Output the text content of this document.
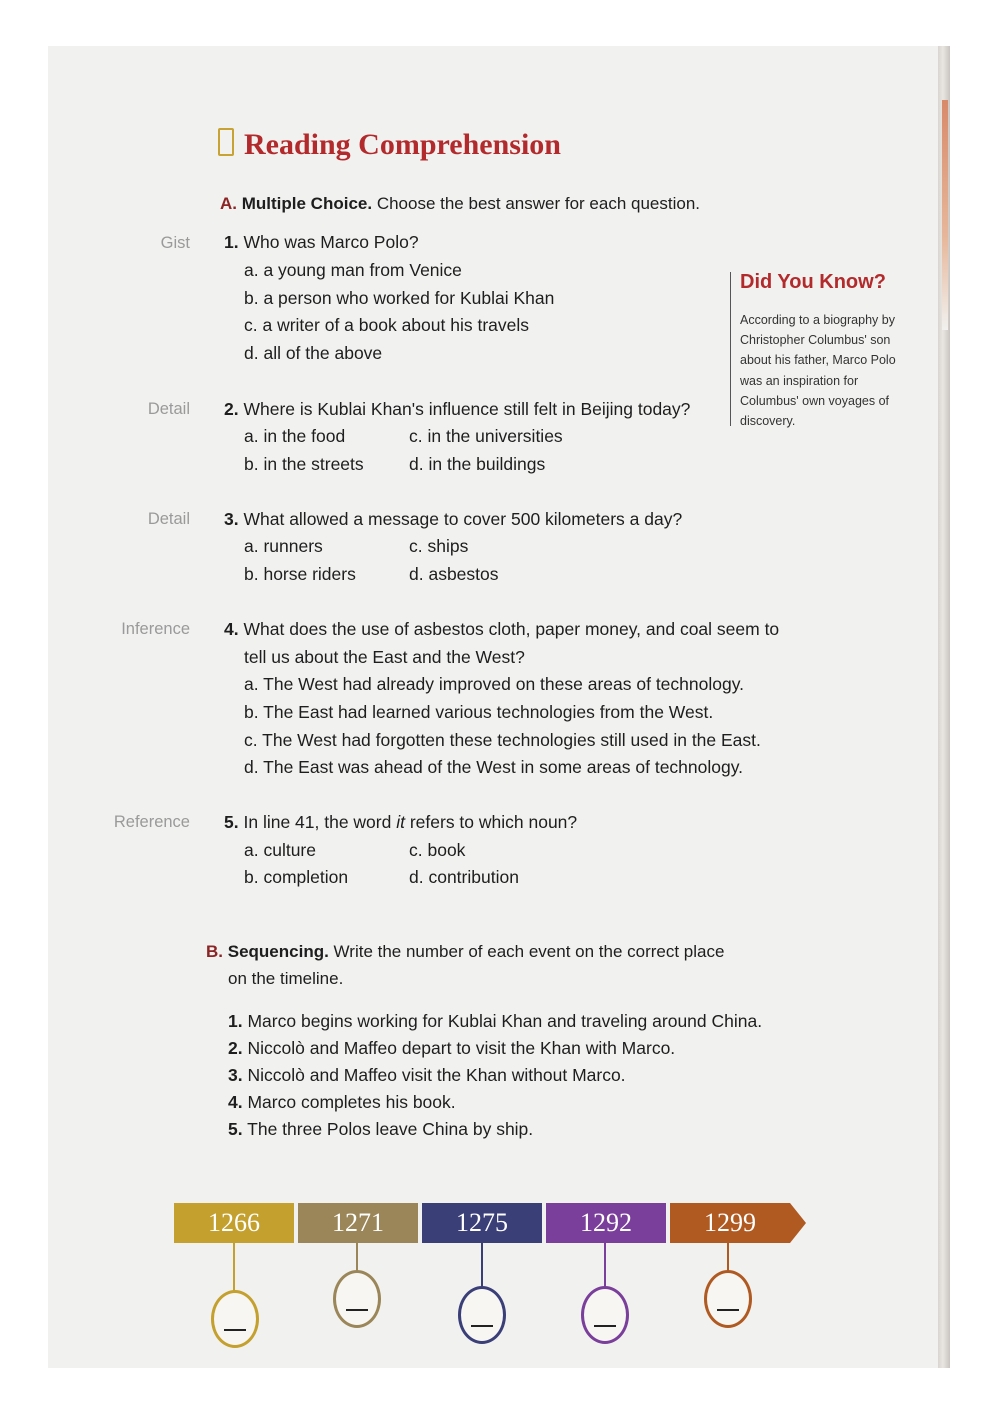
Reading Comprehension
A. Multiple Choice. Choose the best answer for each question.
Gist 1. Who was Marco Polo?
a. a young man from Venice
b. a person who worked for Kublai Khan
c. a writer of a book about his travels
d. all of the above
Did You Know?
According to a biography by Christopher Columbus' son about his father, Marco Polo was an inspiration for Columbus' own voyages of discovery.
Detail 2. Where is Kublai Khan's influence still felt in Beijing today?
a. in the food	c. in the universities
b. in the streets	d. in the buildings
Detail 3. What allowed a message to cover 500 kilometers a day?
a. runners	c. ships
b. horse riders	d. asbestos
Inference 4. What does the use of asbestos cloth, paper money, and coal seem to
tell us about the East and the West?
a. The West had already improved on these areas of technology.
b. The East had learned various technologies from the West.
c. The West had forgotten these technologies still used in the East.
d. The East was ahead of the West in some areas of technology.
Reference 5. In line 41, the word it refers to which noun?
a. culture	c. book
b. completion	d. contribution
B. Sequencing. Write the number of each event on the correct place
on the timeline.
1. Marco begins working for Kublai Khan and traveling around China.
2. Niccolò and Maffeo depart to visit the Khan with Marco.
3. Niccolò and Maffeo visit the Khan without Marco.
4. Marco completes his book.
5. The three Polos leave China by ship.
1266	1271	1275	1292	1299
